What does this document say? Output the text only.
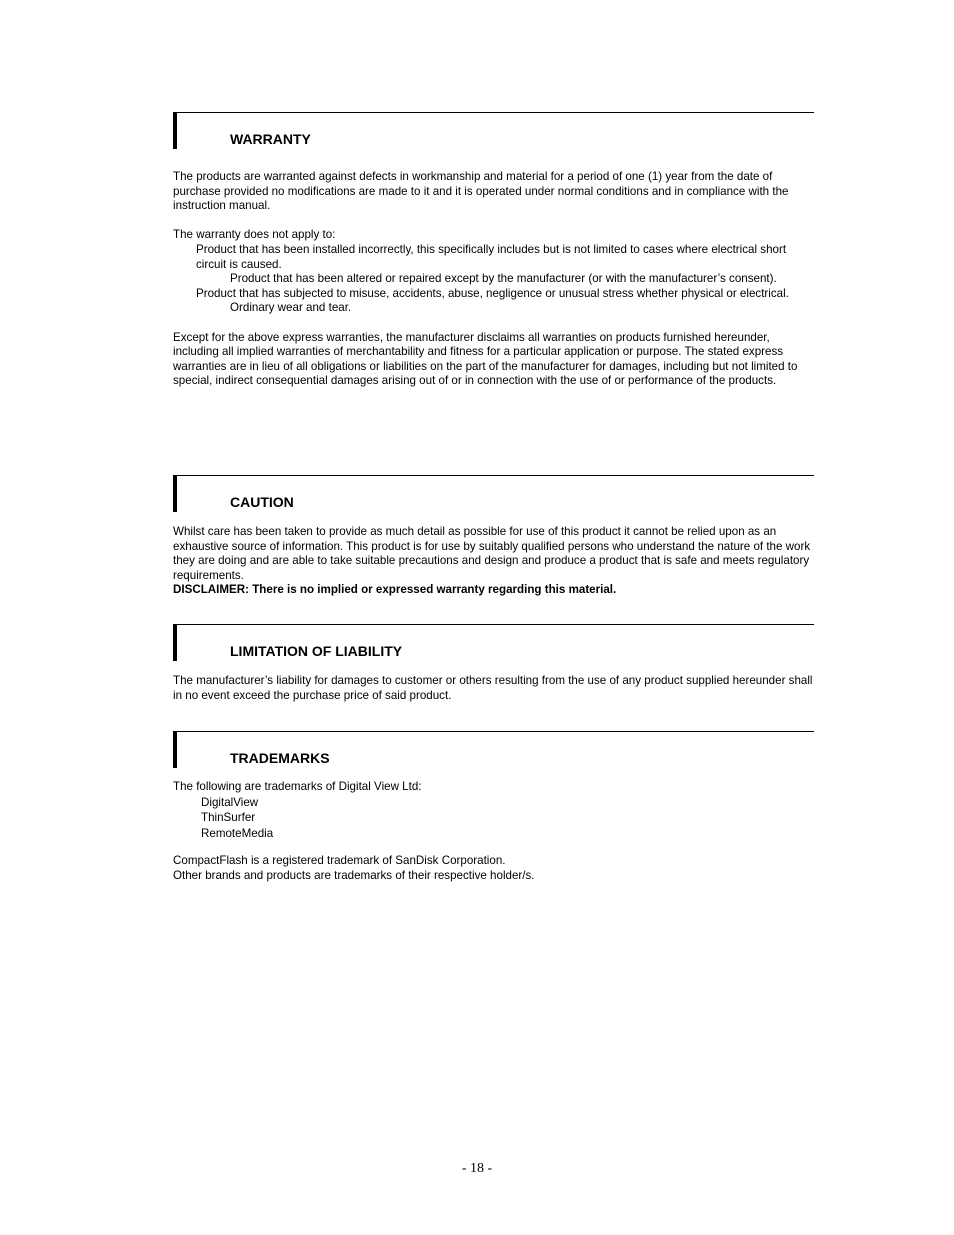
WARRANTY

The products are warranted against defects in workmanship and material for a period of one (1) year from the date of purchase provided no modifications are made to it and it is operated under normal conditions and in compliance with the instruction manual.

The warranty does not apply to:

Product that has been installed incorrectly, this specifically includes but is not limited to cases where electrical short circuit is caused.

Product that has been altered or repaired except by the manufacturer (or with the manufacturer’s consent).

Product that has subjected to misuse, accidents, abuse, negligence or unusual stress whether physical or electrical.

Ordinary wear and tear.

Except for the above express warranties, the manufacturer disclaims all warranties on products furnished hereunder, including all implied warranties of merchantability and fitness for a particular application or purpose. The stated express warranties are in lieu of all obligations or liabilities on the part of the manufacturer for damages, including but not limited to special, indirect consequential damages arising out of or in connection with the use of or performance of the products.

CAUTION

Whilst care has been taken to provide as much detail as possible for use of this product it cannot be relied upon as an exhaustive source of information. This product is for use by suitably qualified persons who understand the nature of the work they are doing and are able to take suitable precautions and design and produce a product that is safe and meets regulatory requirements.

DISCLAIMER: There is no implied or expressed warranty regarding this material.

LIMITATION OF LIABILITY

The manufacturer’s liability for damages to customer or others resulting from the use of any product supplied hereunder shall in no event exceed the purchase price of said product.

TRADEMARKS

The following are trademarks of Digital View Ltd:

DigitalView

ThinSurfer

RemoteMedia

CompactFlash is a registered trademark of SanDisk Corporation.

Other brands and products are trademarks of their respective holder/s.

- 18 -
